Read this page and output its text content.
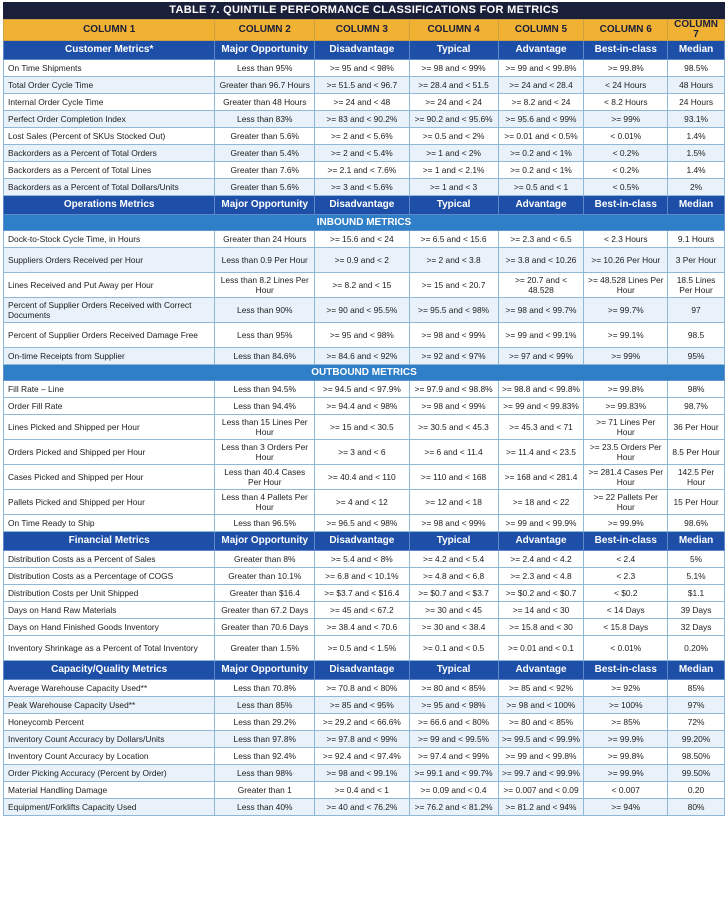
TABLE 7. QUINTILE PERFORMANCE CLASSIFICATIONS FOR METRICS
COLUMN 1	COLUMN 2	COLUMN 3	COLUMN 4	COLUMN 5	COLUMN 6	COLUMN 7
Customer Metrics*	Major Opportunity	Disadvantage	Typical	Advantage	Best-in-class	Median
On Time Shipments	Less than 95%	>= 95 and < 98%	>= 98 and < 99%	>= 99 and < 99.8%	>= 99.8%	98.5%
Total Order Cycle Time	Greater than 96.7 Hours	>= 51.5 and < 96.7	>= 28.4 and < 51.5	>= 24 and < 28.4	< 24 Hours	48 Hours
Internal Order Cycle Time	Greater than 48 Hours	>= 24 and < 48	>= 24 and < 24	>= 8.2 and < 24	< 8.2 Hours	24 Hours
Perfect Order Completion Index	Less than 83%	>= 83 and < 90.2%	>= 90.2 and < 95.6%	>= 95.6 and < 99%	>= 99%	93.1%
Lost Sales (Percent of SKUs Stocked Out)	Greater than 5.6%	>= 2 and < 5.6%	>= 0.5 and < 2%	>= 0.01 and < 0.5%	< 0.01%	1.4%
Backorders as a Percent of Total Orders	Greater than 5.4%	>= 2 and < 5.4%	>= 1 and < 2%	>= 0.2 and < 1%	< 0.2%	1.5%
Backorders as a Percent of Total Lines	Greater than 7.6%	>= 2.1 and < 7.6%	>= 1 and < 2.1%	>= 0.2 and < 1%	< 0.2%	1.4%
Backorders as a Percent of Total Dollars/Units	Greater than 5.6%	>= 3 and < 5.6%	>= 1 and < 3	>= 0.5 and < 1	< 0.5%	2%
Operations Metrics	Major Opportunity	Disadvantage	Typical	Advantage	Best-in-class	Median
INBOUND METRICS						
Dock-to-Stock Cycle Time, in Hours	Greater than 24 Hours	>= 15.6 and < 24	>= 6.5 and < 15.6	>= 2.3 and < 6.5	< 2.3 Hours	9.1 Hours
Suppliers Orders Received per Hour	Less than 0.9 Per Hour	>= 0.9 and < 2	>= 2 and < 3.8	>= 3.8 and < 10.26	>= 10.26 Per Hour	3 Per Hour
Lines Received and Put Away per Hour	Less than 8.2 Lines Per Hour	>= 8.2 and < 15	>= 15 and < 20.7	>= 20.7 and < 48.528	>= 48.528 Lines Per Hour	18.5 Lines Per Hour
Percent of Supplier Orders Received with Correct Documents	Less than 90%	>= 90 and < 95.5%	>= 95.5 and < 98%	>= 98 and < 99.7%	>= 99.7%	97
Percent of Supplier Orders Received Damage Free	Less than 95%	>= 95 and < 98%	>= 98 and < 99%	>= 99 and < 99.1%	>= 99.1%	98.5
On-time Receipts from Supplier	Less than 84.6%	>= 84.6 and < 92%	>= 92 and < 97%	>= 97 and < 99%	>= 99%	95%
OUTBOUND METRICS						
Fill Rate – Line	Less than 94.5%	>= 94.5 and < 97.9%	>= 97.9 and < 98.8%	>= 98.8 and < 99.8%	>= 99.8%	98%
Order Fill Rate	Less than 94.4%	>= 94.4 and < 98%	>= 98 and < 99%	>= 99 and < 99.83%	>= 99.83%	98.7%
Lines Picked and Shipped per Hour	Less than 15 Lines Per Hour	>= 15 and < 30.5	>= 30.5 and < 45.3	>= 45.3 and < 71	>= 71 Lines Per Hour	36 Per Hour
Orders Picked and Shipped per Hour	Less than 3 Orders Per Hour	>= 3 and < 6	>= 6 and < 11.4	>= 11.4 and < 23.5	>= 23.5 Orders Per Hour	8.5 Per Hour
Cases Picked and Shipped per Hour	Less than 40.4 Cases Per Hour	>= 40.4 and < 110	>= 110 and < 168	>= 168 and < 281.4	>= 281.4 Cases Per Hour	142.5 Per Hour
Pallets Picked and Shipped per Hour	Less than 4 Pallets Per Hour	>= 4 and < 12	>= 12 and < 18	>= 18 and < 22	>= 22 Pallets Per Hour	15 Per Hour
On Time Ready to Ship	Less than 96.5%	>= 96.5 and < 98%	>= 98 and < 99%	>= 99 and < 99.9%	>= 99.9%	98.6%
Financial Metrics	Major Opportunity	Disadvantage	Typical	Advantage	Best-in-class	Median
Distribution Costs as a Percent of Sales	Greater than 8%	>= 5.4 and < 8%	>= 4.2 and < 5.4	>= 2.4 and < 4.2	< 2.4	5%
Distribution Costs as a Percentage of COGS	Greater than 10.1%	>= 6.8 and < 10.1%	>= 4.8 and < 6.8	>= 2.3 and < 4.8	< 2.3	5.1%
Distribution Costs per Unit Shipped	Greater than $16.4	>= $3.7 and < $16.4	>= $0.7 and < $3.7	>= $0.2 and < $0.7	< $0.2	$1.1
Days on Hand Raw Materials	Greater than 67.2 Days	>= 45 and < 67.2	>= 30 and < 45	>= 14 and < 30	< 14 Days	39 Days
Days on Hand Finished Goods Inventory	Greater than 70.6 Days	>= 38.4 and < 70.6	>= 30 and < 38.4	>= 15.8 and < 30	< 15.8 Days	32 Days
Inventory Shrinkage as a Percent of Total Inventory	Greater than 1.5%	>= 0.5 and < 1.5%	>= 0.1 and < 0.5	>= 0.01 and < 0.1	< 0.01%	0.20%
Capacity/Quality Metrics	Major Opportunity	Disadvantage	Typical	Advantage	Best-in-class	Median
Average Warehouse Capacity Used**	Less than 70.8%	>= 70.8 and < 80%	>= 80 and < 85%	>= 85 and < 92%	>= 92%	85%
Peak Warehouse Capacity Used**	Less than 85%	>= 85 and < 95%	>= 95 and < 98%	>= 98 and < 100%	>= 100%	97%
Honeycomb Percent	Less than 29.2%	>= 29.2 and < 66.6%	>= 66.6 and < 80%	>= 80 and < 85%	>= 85%	72%
Inventory Count Accuracy by Dollars/Units	Less than 97.8%	>= 97.8 and < 99%	>= 99 and < 99.5%	>= 99.5 and < 99.9%	>= 99.9%	99.20%
Inventory Count Accuracy by Location	Less than 92.4%	>= 92.4 and < 97.4%	>= 97.4 and < 99%	>= 99 and < 99.8%	>= 99.8%	98.50%
Order Picking Accuracy (Percent by Order)	Less than 98%	>= 98 and < 99.1%	>= 99.1 and < 99.7%	>= 99.7 and < 99.9%	>= 99.9%	99.50%
Material Handling Damage	Greater than 1	>= 0.4 and < 1	>= 0.09 and < 0.4	>= 0.007 and < 0.09	< 0.007	0.20
Equipment/Forklifts Capacity Used	Less than 40%	>= 40 and < 76.2%	>= 76.2 and < 81.2%	>= 81.2 and < 94%	>= 94%	80%
